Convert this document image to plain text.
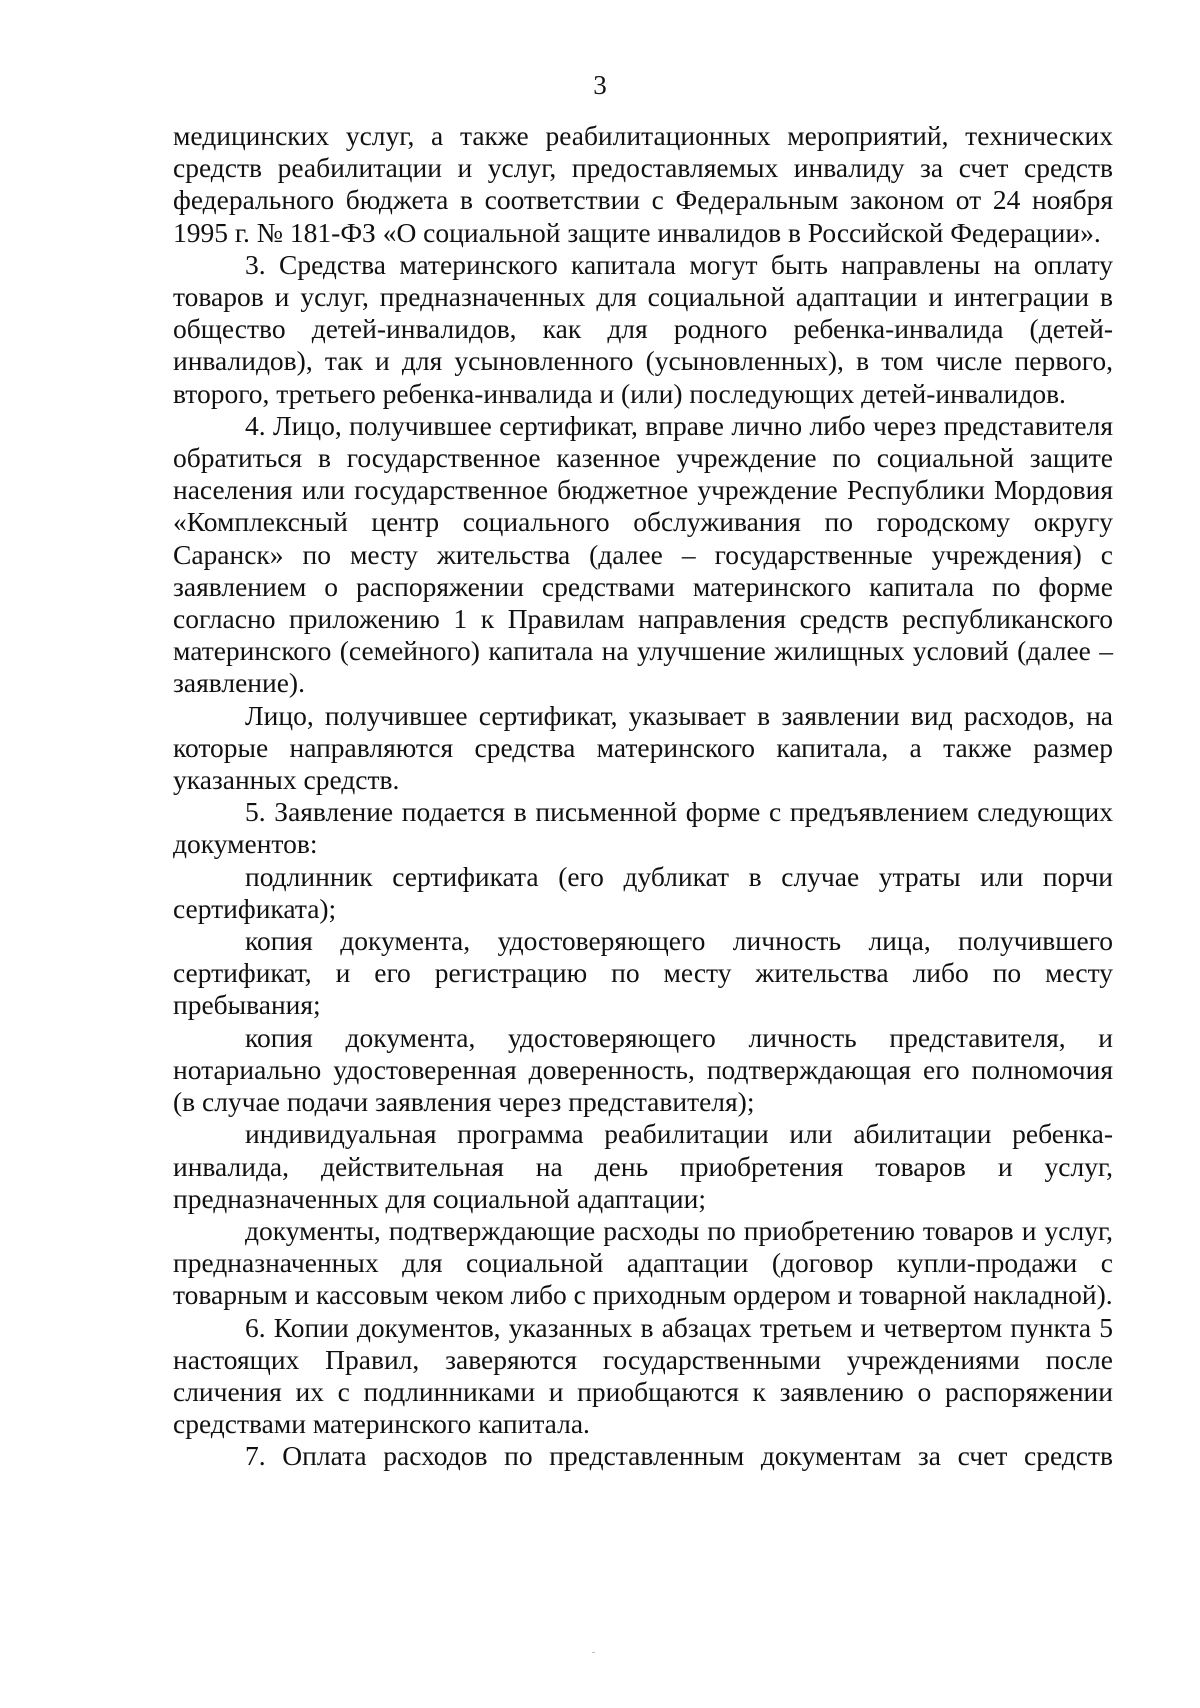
3

медицинских услуг, а также реабилитационных мероприятий, технических средств реабилитации и услуг, предоставляемых инвалиду за счет средств федерального бюджета в соответствии с Федеральным законом от 24 ноября 1995 г. № 181-ФЗ «О социальной защите инвалидов в Российской Федерации».

3. Средства материнского капитала могут быть направлены на оплату товаров и услуг, предназначенных для социальной адаптации и интеграции в общество детей-инвалидов, как для родного ребенка-инвалида (детей-инвалидов), так и для усыновленного (усыновленных), в том числе первого, второго, третьего ребенка-инвалида и (или) последующих детей-инвалидов.

4. Лицо, получившее сертификат, вправе лично либо через представителя обратиться в государственное казенное учреждение по социальной защите населения или государственное бюджетное учреждение Республики Мордовия «Комплексный центр социального обслуживания по городскому округу Саранск» по месту жительства (далее – государственные учреждения) с заявлением о распоряжении средствами материнского капитала по форме согласно приложению 1 к Правилам направления средств республиканского материнского (семейного) капитала на улучшение жилищных условий (далее – заявление).

Лицо, получившее сертификат, указывает в заявлении вид расходов, на которые направляются средства материнского капитала, а также размер указанных средств.

5. Заявление подается в письменной форме с предъявлением следующих документов:

подлинник сертификата (его дубликат в случае утраты или порчи сертификата);

копия документа, удостоверяющего личность лица, получившего сертификат, и его регистрацию по месту жительства либо по месту пребывания;

копия документа, удостоверяющего личность представителя, и нотариально удостоверенная доверенность, подтверждающая его полномочия (в случае подачи заявления через представителя);

индивидуальная программа реабилитации или абилитации ребенка-инвалида, действительная на день приобретения товаров и услуг, предназначенных для социальной адаптации;

документы, подтверждающие расходы по приобретению товаров и услуг, предназначенных для социальной адаптации (договор купли-продажи с товарным и кассовым чеком либо с приходным ордером и товарной накладной).

6. Копии документов, указанных в абзацах третьем и четвертом пункта 5 настоящих Правил, заверяются государственными учреждениями после сличения их с подлинниками и приобщаются к заявлению о распоряжении средствами материнского капитала.

7. Оплата расходов по представленным документам за счет средств
